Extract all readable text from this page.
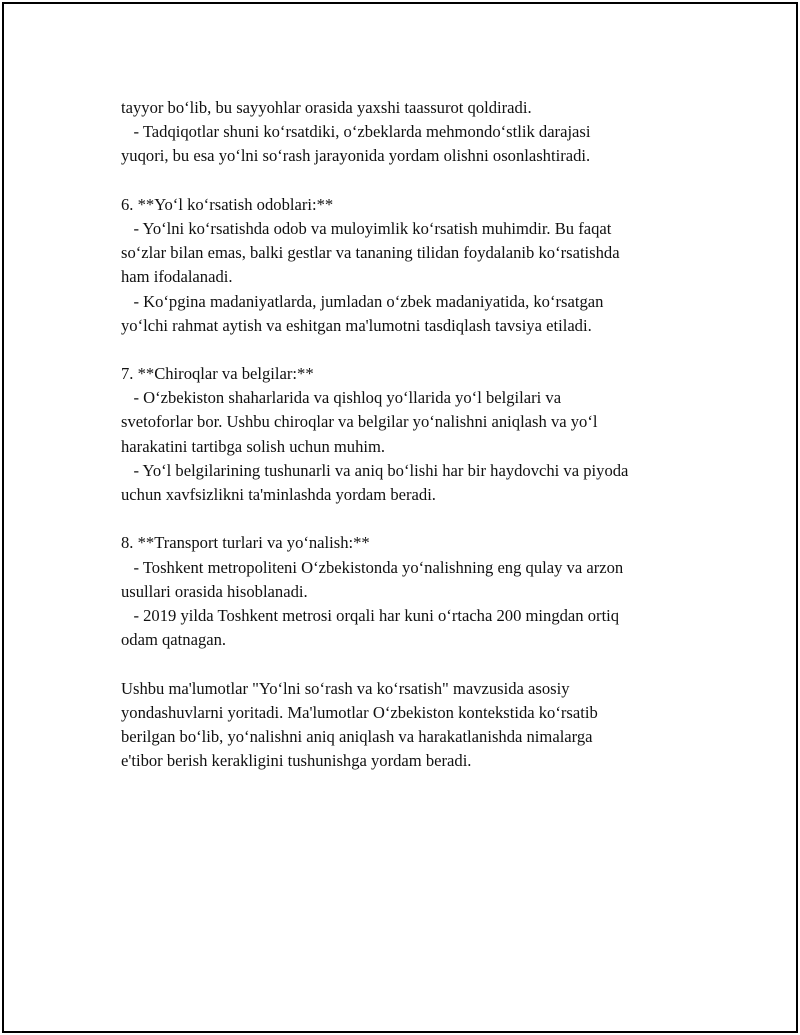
tayyor bo‘lib, bu sayyohlar orasida yaxshi taassurot qoldiradi.
- Tadqiqotlar shuni ko‘rsatdiki, o‘zbeklarda mehmondo‘stlik darajasi
yuqori, bu esa yo‘lni so‘rash jarayonida yordam olishni osonlashtiradi.
6. **Yo‘l ko‘rsatish odoblari:**
- Yo‘lni ko‘rsatishda odob va muloyimlik ko‘rsatish muhimdir. Bu faqat
so‘zlar bilan emas, balki gestlar va tananing tilidan foydalanib ko‘rsatishda
ham ifodalanadi.
- Ko‘pgina madaniyatlarda, jumladan o‘zbek madaniyatida, ko‘rsatgan
yo‘lchi rahmat aytish va eshitgan ma'lumotni tasdiqlash tavsiya etiladi.
7. **Chiroqlar va belgilar:**
- O‘zbekiston shaharlarida va qishloq yo‘llarida yo‘l belgilari va
svetoforlar bor. Ushbu chiroqlar va belgilar yo‘nalishni aniqlash va yo‘l
harakatini tartibga solish uchun muhim.
- Yo‘l belgilarining tushunarli va aniq bo‘lishi har bir haydovchi va piyoda
uchun xavfsizlikni ta'minlashda yordam beradi.
8. **Transport turlari va yo‘nalish:**
- Toshkent metropoliteni O‘zbekistonda yo‘nalishning eng qulay va arzon
usullari orasida hisoblanadi.
- 2019 yilda Toshkent metrosi orqali har kuni o‘rtacha 200 mingdan ortiq
odam qatnagan.
Ushbu ma'lumotlar "Yo‘lni so‘rash va ko‘rsatish" mavzusida asosiy
yondashuvlarni yoritadi. Ma'lumotlar O‘zbekiston kontekstida ko‘rsatib
berilgan bo‘lib, yo‘nalishni aniq aniqlash va harakatlanishda nimalarga
e'tibor berish kerakligini tushunishga yordam beradi.
